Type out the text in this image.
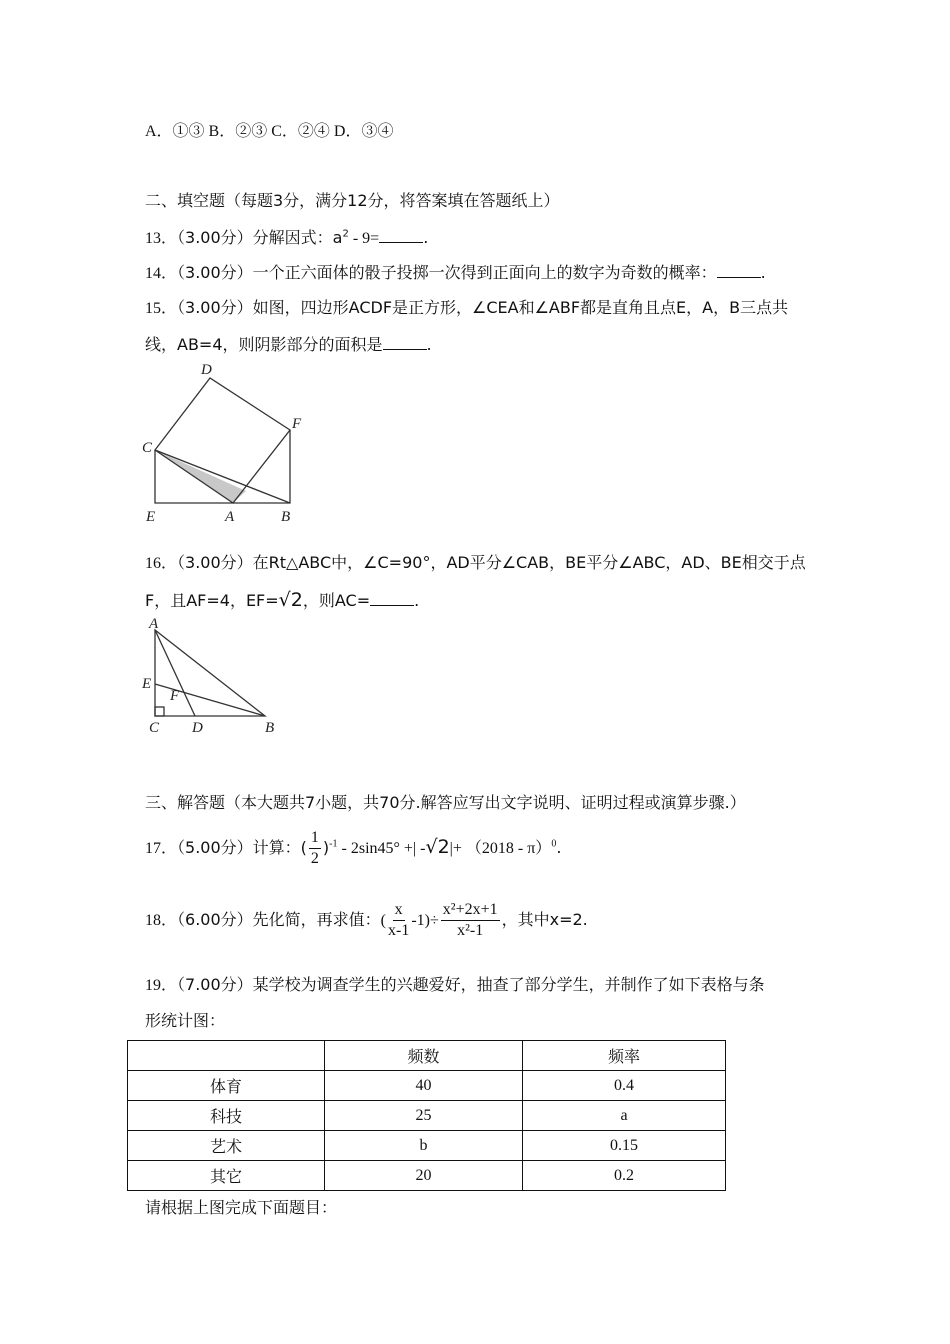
A．①③ B．②③ C．②④ D．③④
二、填空题（每题3分，满分12分，将答案填在答题纸上）
13．（3.00分）分解因式：$a^2 - 9=$	.
14．（3.00分）一个正六面体的骰子投掷一次得到正面向上的数字为奇数的概率：	.
15．（3.00分）如图，四边形ACDF是正方形，∠CEA和∠ABF都是直角且点E，A，B三点共
线，AB=4，则阴影部分的面积是	.
D
F
C
E	A	B
A
E
F
C D	B
16．（3.00分）在Rt△ABC中，∠C=90°，AD平分∠CAB，BE平分∠ABC，AD、BE相交于点
F，且AF=4，EF=√2，则AC=	.
三、解答题（本大题共7小题，共70分.解答应写出文字说明、证明过程或演算步骤.）
17．（5.00分）计算：( $\frac{1}{2} )^{-1} - 2\sin 45^\circ$ +| -√2|+ （2018 - π）$^0$.
18．（6.00分）先化简，再求值：( $\frac{x}{x-1} -1)\div \frac{\text{x²+2x+1}}{\text{x²-1}}$ ，其中x=2.
19．（7.00分）某学校为调查学生的兴趣爱好，抽查了部分学生，并制作了如下表格与条
形统计图：
	频数	频率
体育	40	0.4
科技	25	a
艺术	b	0.15
其它	20	0.2
请根据上图完成下面题目：
